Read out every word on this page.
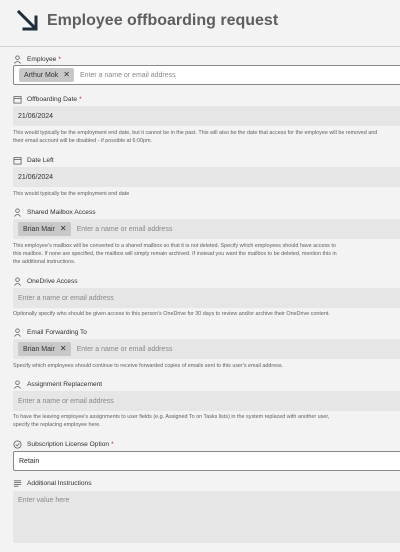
Employee offboarding request
Employee *
Arthur Mok ✕ Enter a name or email address
Offboarding Date *
21/06/2024
This would typically be the employment end date, but it cannot be in the past. This will also be the date that access for the employee will be removed and
their email account will be disabled - if possible at 6:00pm.
Date Left
21/06/2024
This would typically be the employment end date
Shared Mailbox Access
Brian Mair ✕ Enter a name or email address
This employee's mailbox will be converted to a shared mailbox so that it is not deleted. Specify which employees should have access to
this mailbox. If none are specified, the mailbox will simply remain archived. If instead you want the mailbox to be deleted, mention this in
the additional instructions.
OneDrive Access
Enter a name or email address
Optionally specify who should be given access to this person's OneDrive for 30 days to review and/or archive their OneDrive content.
Email Forwarding To
Brian Mair ✕ Enter a name or email address
Specify which employees should continue to receive forwarded copies of emails sent to this user's email address.
Assignment Replacement
Enter a name or email address
To have the leaving employee's assignments to user fields (e.g. Assigned To on Tasks lists) in the system replaced with another user,
specify the replacing employee here.
Subscription License Option *
Retain
Additional Instructions
Enter value here
